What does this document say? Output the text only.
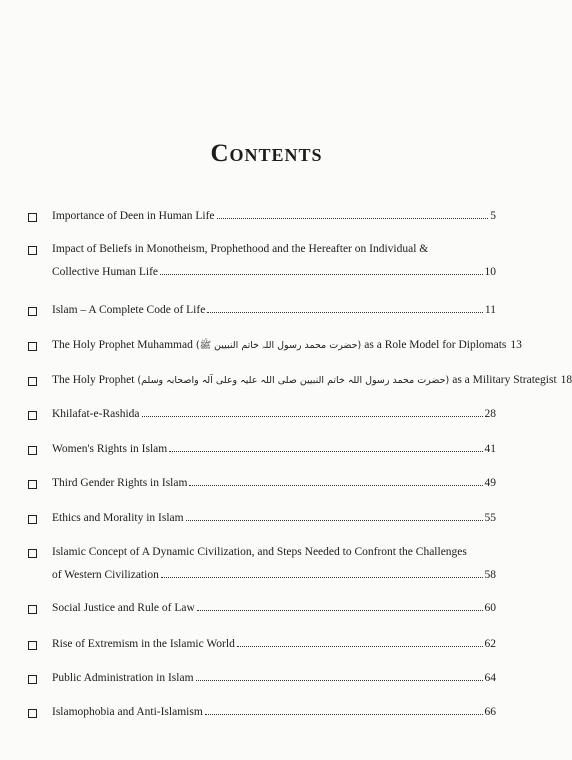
Contents
Importance of Deen in Human Life	5
Impact of Beliefs in Monotheism, Prophethood and the Hereafter on Individual &
Collective Human Life	10
Islam – A Complete Code of Life	11
The Holy Prophet Muhammad (حضرت محمد رسول اللہ خاتم النبیین ﷺ) as a Role Model for Diplomats 13
The Holy Prophet (حضرت محمد رسول اللہ خاتم النبیین صلی اللہ علیہ وعلی آلہ واصحابہ وسلم) as a Military Strategist 18
Khilafat-e-Rashida	28
Women's Rights in Islam	41
Third Gender Rights in Islam	49
Ethics and Morality in Islam	55
Islamic Concept of A Dynamic Civilization, and Steps Needed to Confront the Challenges
of Western Civilization	58
Social Justice and Rule of Law	60
Rise of Extremism in the Islamic World	62
Public Administration in Islam	64
Islamophobia and Anti-Islamism	66
